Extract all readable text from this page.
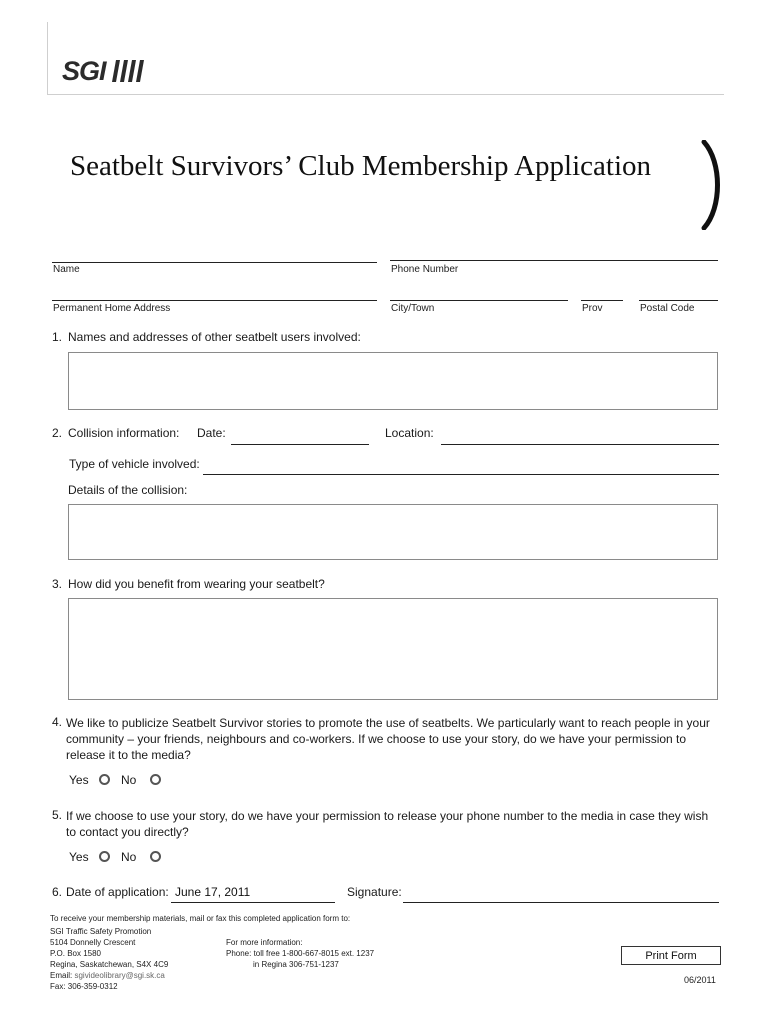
SGI
Seatbelt Survivors’ Club Membership Application
Name	Phone Number
Permanent Home Address	City/Town	Prov	Postal Code
1. Names and addresses of other seatbelt users involved:
2. Collision information: Date:	Location:
Type of vehicle involved:
Details of the collision:
3. How did you benefit from wearing your seatbelt?
4. We like to publicize Seatbelt Survivor stories to promote the use of seatbelts. We particularly want to reach people in your
community – your friends, neighbours and co-workers. If we choose to use your story, do we have your permission to
release it to the media?
Yes	No
5. If we choose to use your story, do we have your permission to release your phone number to the media in case they wish
to contact you directly?
Yes	No
6. Date of application: June 17, 2011	Signature:
To receive your membership materials, mail or fax this completed application form to:
SGI Traffic Safety Promotion
5104 Donnelly Crescent
P.O. Box 1580
Regina, Saskatchewan, S4X 4C9
Email: sgivideolibrary@sgi.sk.ca
Fax: 306-359-0312
For more information:
Phone: toll free 1-800-667-8015 ext. 1237
in Regina 306-751-1237
Print Form
06/2011
